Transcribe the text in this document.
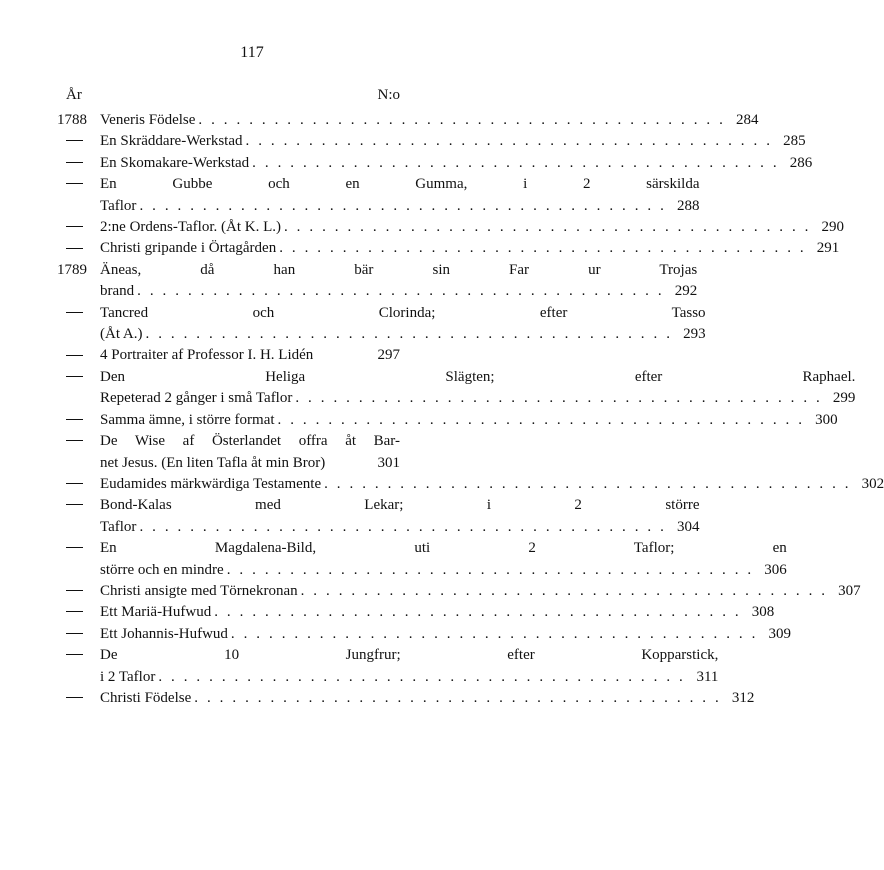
117
År	N:o
1788 Veneris Födelse . . .	284
En Skräddare-Werkstad . . .	285
En Skomakare-Werkstad . . .	286
En Gubbe och en Gumma, i 2 särskilda
Taflor . . .	288
2:ne Ordens-Taflor. (Åt K. L.) . . .	290
Christi gripande i Örtagården . . .	291
1789 Äneas, då han bär sin Far ur Trojas
brand . . .	292
Tancred och Clorinda; efter Tasso
(Åt A.) . . .	293
4 Portraiter af Professor I. H. Lidén	297
Den Heliga Slägten; efter Raphael.
Repeterad 2 gånger i små Taflor . . .	299
Samma ämne, i större format . . .	300
De Wise af Österlandet offra åt Bar-
net Jesus. (En liten Tafla åt min Bror)	301
Eudamides märkwärdiga Testamente . . .	302
Bond-Kalas med Lekar; i 2 större
Taflor . . .	304
En Magdalena-Bild, uti 2 Taflor; en
större och en mindre . . .	306
Christi ansigte med Törnekronan . . .	307
Ett Mariä-Hufwud . . .	308
Ett Johannis-Hufwud . . .	309
De 10 Jungfrur; efter Kopparstick,
i 2 Taflor . . .	311
Christi Födelse . . .	312
